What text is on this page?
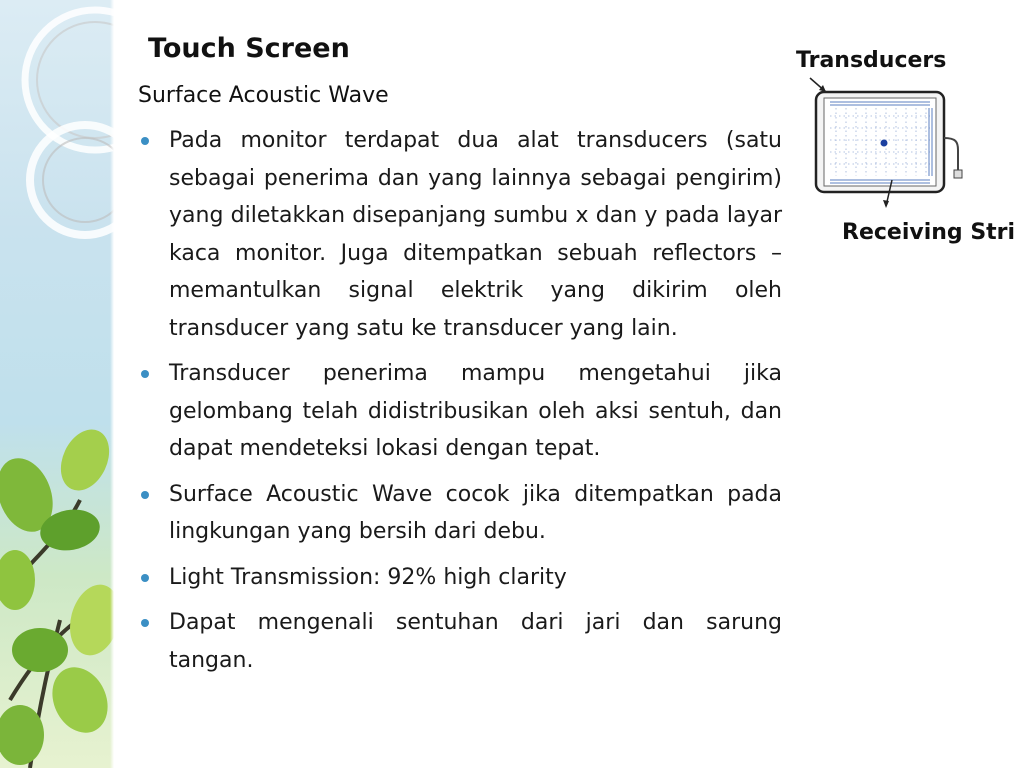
Touch Screen
Surface Acoustic Wave
Pada monitor terdapat dua alat transducers (satu sebagai penerima dan yang lainnya sebagai pengirim) yang diletakkan disepanjang sumbu x dan y pada layar kaca monitor. Juga ditempatkan sebuah reflectors – memantulkan signal elektrik yang dikirim oleh transducer yang satu ke transducer yang lain.
Transducer penerima mampu mengetahui jika gelombang telah didistribusikan oleh aksi sentuh, dan dapat mendeteksi lokasi dengan tepat.
Surface Acoustic Wave cocok jika ditempatkan pada lingkungan yang bersih dari debu.
Light Transmission: 92% high clarity
Dapat mengenali sentuhan dari jari dan sarung tangan.
Transducers
Receiving Stri
